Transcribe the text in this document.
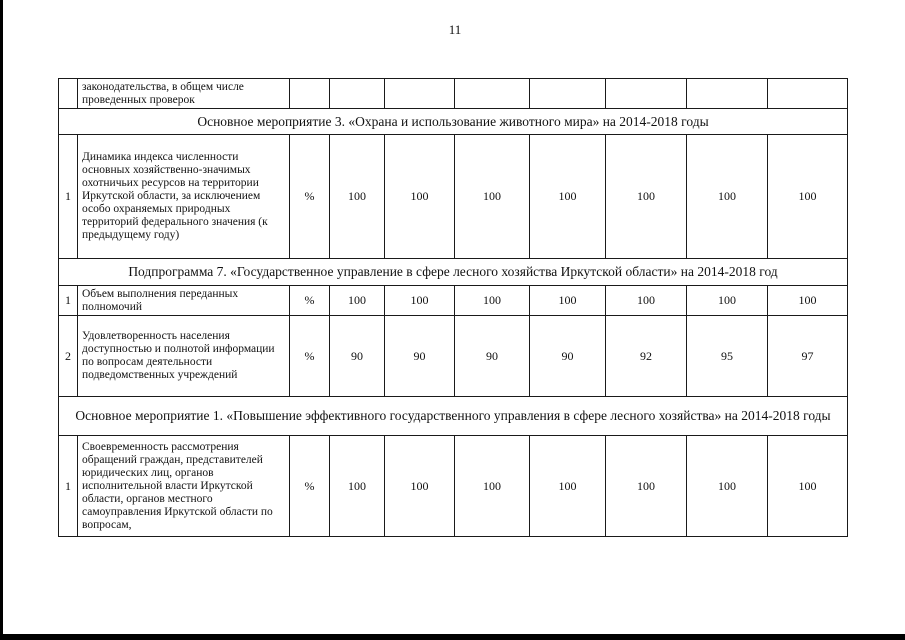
11

	законодательства, в общем числе проведенных проверок								

Основное мероприятие 3. «Охрана и использование животного мира» на 2014-2018 годы									
1	Динамика индекса численности основных хозяйственно-значимых охотничьих ресурсов на территории Иркутской области, за исключением особо охраняемых природных территорий федерального значения (к предыдущему году)	%	100	100	100	100	100	100	100
Подпрограмма 7. «Государственное управление в сфере лесного хозяйства Иркутской области» на 2014-2018 год									
1	Объем выполнения переданных полномочий	%	100	100	100	100	100	100	100
2	Удовлетворенность населения доступностью и полнотой информации по вопросам деятельности подведомственных учреждений	%	90	90	90	90	92	95	97
Основное мероприятие 1. «Повышение эффективного государственного управления в сфере лесного хозяйства» на 2014-2018 годы									
1	Своевременность рассмотрения обращений граждан, представителей юридических лиц, органов исполнительной власти Иркутской области, органов местного самоуправления Иркутской области по вопросам,	%	100	100	100	100	100	100	100
